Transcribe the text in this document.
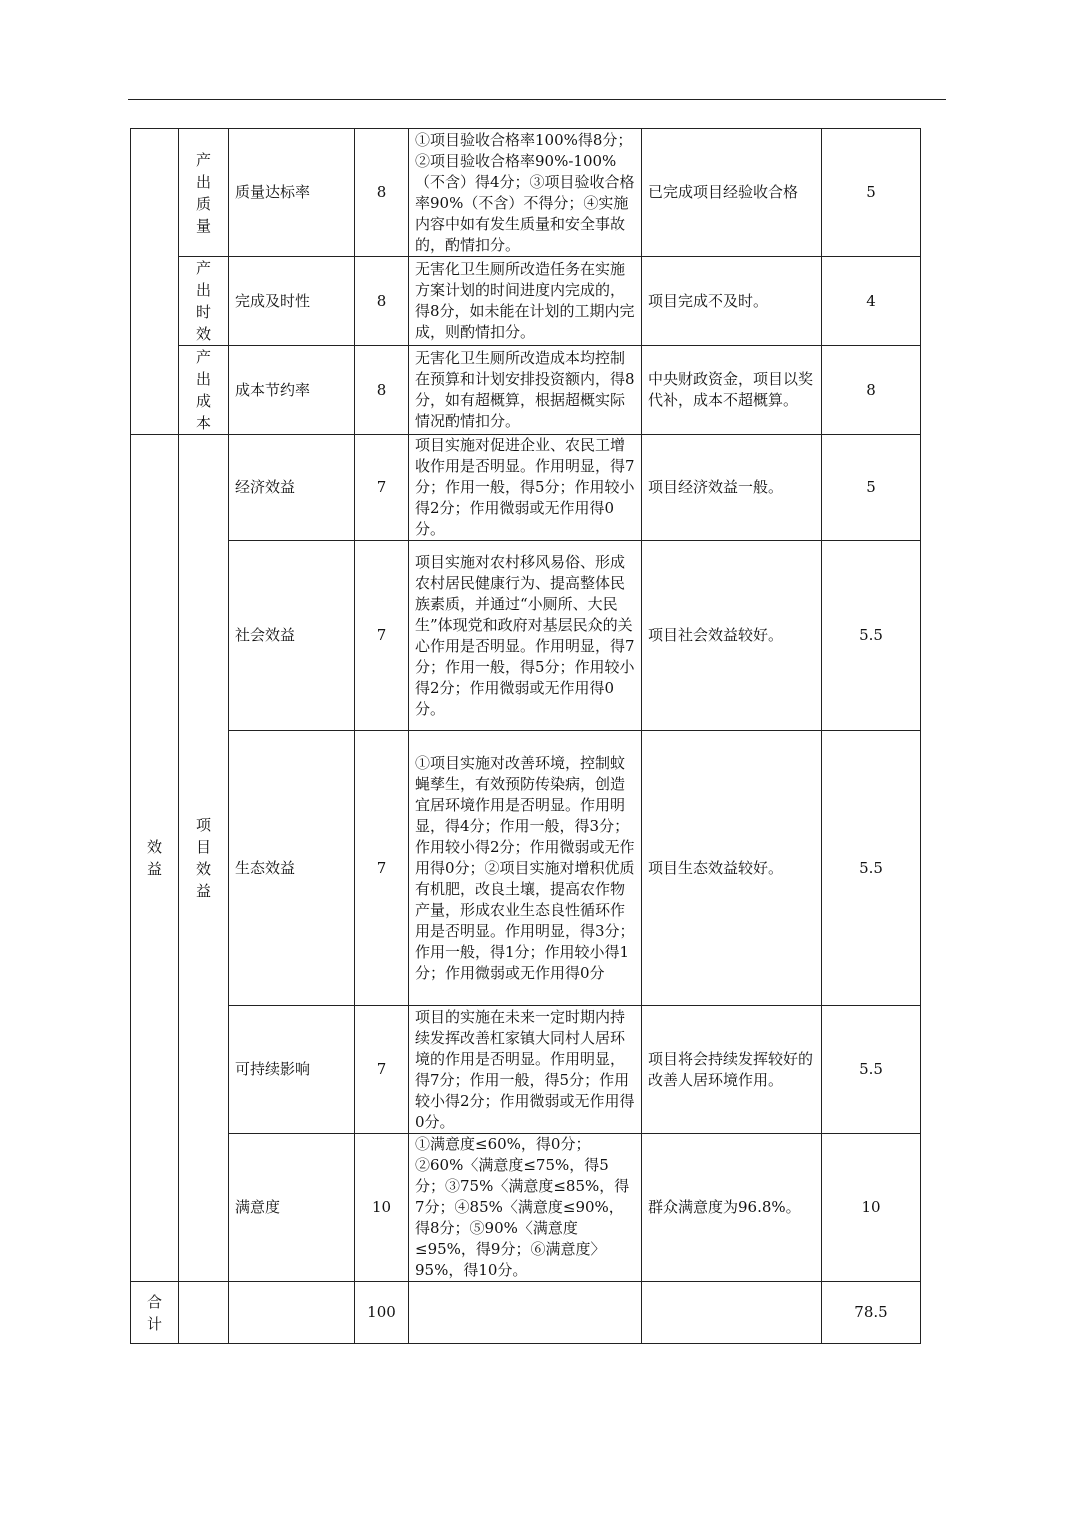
	产出质量	质量达标率	8	①项目验收合格率100%得8分；②项目验收合格率90%-100%（不含）得4分；③项目验收合格率90%（不含）不得分；④实施内容中如有发生质量和安全事故的，酌情扣分。	已完成项目经验收合格	5

	产出时效	完成及时性	8	无害化卫生厕所改造任务在实施方案计划的时间进度内完成的，得8分，如未能在计划的工期内完成，则酌情扣分。	项目完成不及时。	4

	产出成本	成本节约率	8	无害化卫生厕所改造成本均控制在预算和计划安排投资额内，得8分，如有超概算，根据超概实际情况酌情扣分。	中央财政资金，项目以奖代补，成本不超概算。	8

效益	项目效益	经济效益	7	项目实施对促进企业、农民工增收作用是否明显。作用明显，得7分；作用一般，得5分；作用较小得2分；作用微弱或无作用得0分。	项目经济效益一般。	5
		社会效益	7	项目实施对农村移风易俗、形成农村居民健康行为、提高整体民族素质，并通过“小厕所、大民生”体现党和政府对基层民众的关心作用是否明显。作用明显，得7分；作用一般，得5分；作用较小得2分；作用微弱或无作用得0分。	项目社会效益较好。	5.5
		生态效益	7	①项目实施对改善环境，控制蚊蝇孳生，有效预防传染病，创造宜居环境作用是否明显。作用明显，得4分；作用一般，得3分；作用较小得2分；作用微弱或无作用得0分；②项目实施对增积优质有机肥，改良土壤，提高农作物产量，形成农业生态良性循环作用是否明显。作用明显，得3分；作用一般，得1分；作用较小得1分；作用微弱或无作用得0分	项目生态效益较好。	5.5
		可持续影响	7	项目的实施在未来一定时期内持续发挥改善杠家镇大同村人居环境的作用是否明显。作用明显，得7分；作用一般，得5分；作用较小得2分；作用微弱或无作用得0分。	项目将会持续发挥较好的改善人居环境作用。	5.5
		满意度	10	①满意度≤60%，得0分；②60%〈满意度≤75%，得5分；③75%〈满意度≤85%，得7分；④85%〈满意度≤90%，得8分；⑤90%〈满意度≤95%，得9分；⑥满意度〉95%，得10分。	群众满意度为96.8%。	10

合计			100			78.5
